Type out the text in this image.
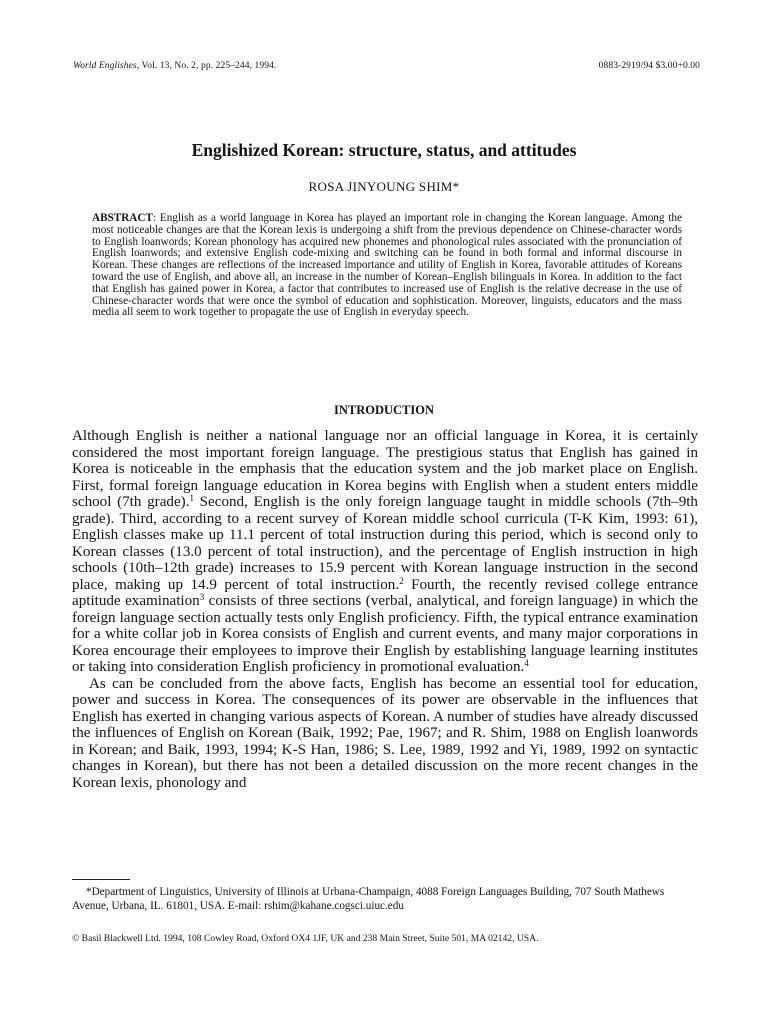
World Englishes, Vol. 13, No. 2, pp. 225–244, 1994.	0883-2919/94 $3.00+0.00
Englishized Korean: structure, status, and attitudes
ROSA JINYOUNG SHIM*
ABSTRACT: English as a world language in Korea has played an important role in changing the Korean language. Among the most noticeable changes are that the Korean lexis is undergoing a shift from the previous dependence on Chinese-character words to English loanwords; Korean phonology has acquired new phonemes and phonological rules associated with the pronunciation of English loanwords; and extensive English code-mixing and switching can be found in both formal and informal discourse in Korean. These changes are reflections of the increased importance and utility of English in Korea, favorable attitudes of Koreans toward the use of English, and above all, an increase in the number of Korean–English bilinguals in Korea. In addition to the fact that English has gained power in Korea, a factor that contributes to increased use of English is the relative decrease in the use of Chinese-character words that were once the symbol of education and sophistication. Moreover, linguists, educators and the mass media all seem to work together to propagate the use of English in everyday speech.
INTRODUCTION

Although English is neither a national language nor an official language in Korea, it is certainly considered the most important foreign language. The prestigious status that English has gained in Korea is noticeable in the emphasis that the education system and the job market place on English. First, formal foreign language education in Korea begins with English when a student enters middle school (7th grade).$^1$ Second, English is the only foreign language taught in middle schools (7th–9th grade). Third, according to a recent survey of Korean middle school curricula (T-K Kim, 1993: 61), English classes make up 11.1 percent of total instruction during this period, which is second only to Korean classes (13.0 percent of total instruction), and the percentage of English instruction in high schools (10th–12th grade) increases to 15.9 percent with Korean language instruction in the second place, making up 14.9 percent of total instruction.$^2$ Fourth, the recently revised college entrance aptitude examination$^3$ consists of three sections (verbal, analytical, and foreign language) in which the foreign language section actually tests only English proficiency. Fifth, the typical entrance examination for a white collar job in Korea consists of English and current events, and many major corporations in Korea encourage their employees to improve their English by establishing language learning institutes or taking into consideration English proficiency in promotional evaluation.$^4$

As can be concluded from the above facts, English has become an essential tool for education, power and success in Korea. The consequences of its power are observable in the influences that English has exerted in changing various aspects of Korean. A number of studies have already discussed the influences of English on Korean (Baik, 1992; Pae, 1967; and R. Shim, 1988 on English loanwords in Korean; and Baik, 1993, 1994; K-S Han, 1986; S. Lee, 1989, 1992 and Yi, 1989, 1992 on syntactic changes in Korean), but there has not been a detailed discussion on the more recent changes in the Korean lexis, phonology and

*Department of Linguistics, University of Illinois at Urbana-Champaign, 4088 Foreign Languages Building, 707 South Mathews Avenue, Urbana, IL. 61801, USA. E-mail: rshim@kahane.cogsci.uiuc.edu
© Basil Blackwell Ltd. 1994, 108 Cowley Road, Oxford OX4 1JF, UK and 238 Main Street, Suite 501, MA 02142, USA.
